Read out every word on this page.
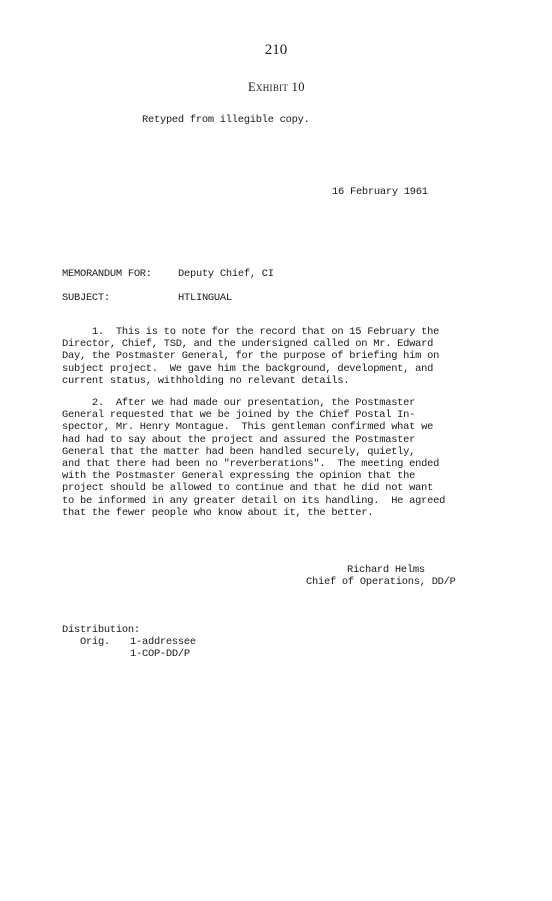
210
Exhibit 10
Retyped from illegible copy.
16 February 1961
MEMORANDUM FOR:	Deputy Chief, CI
SUBJECT:	HTLINGUAL
1.  This is to note for the record that on 15 February the
Director, Chief, TSD, and the undersigned called on Mr. Edward
Day, the Postmaster General, for the purpose of briefing him on
subject project.  We gave him the background, development, and
current status, withholding no relevant details.
2.  After we had made our presentation, the Postmaster
General requested that we be joined by the Chief Postal In-
spector, Mr. Henry Montague.  This gentleman confirmed what we
had had to say about the project and assured the Postmaster
General that the matter had been handled securely, quietly,
and that there had been no "reverberations".  The meeting ended
with the Postmaster General expressing the opinion that the
project should be allowed to continue and that he did not want
to be informed in any greater detail on its handling.  He agreed
that the fewer people who know about it, the better.
Richard Helms
Chief of Operations, DD/P
Distribution:
Orig. 1-addressee
1-COP-DD/P
